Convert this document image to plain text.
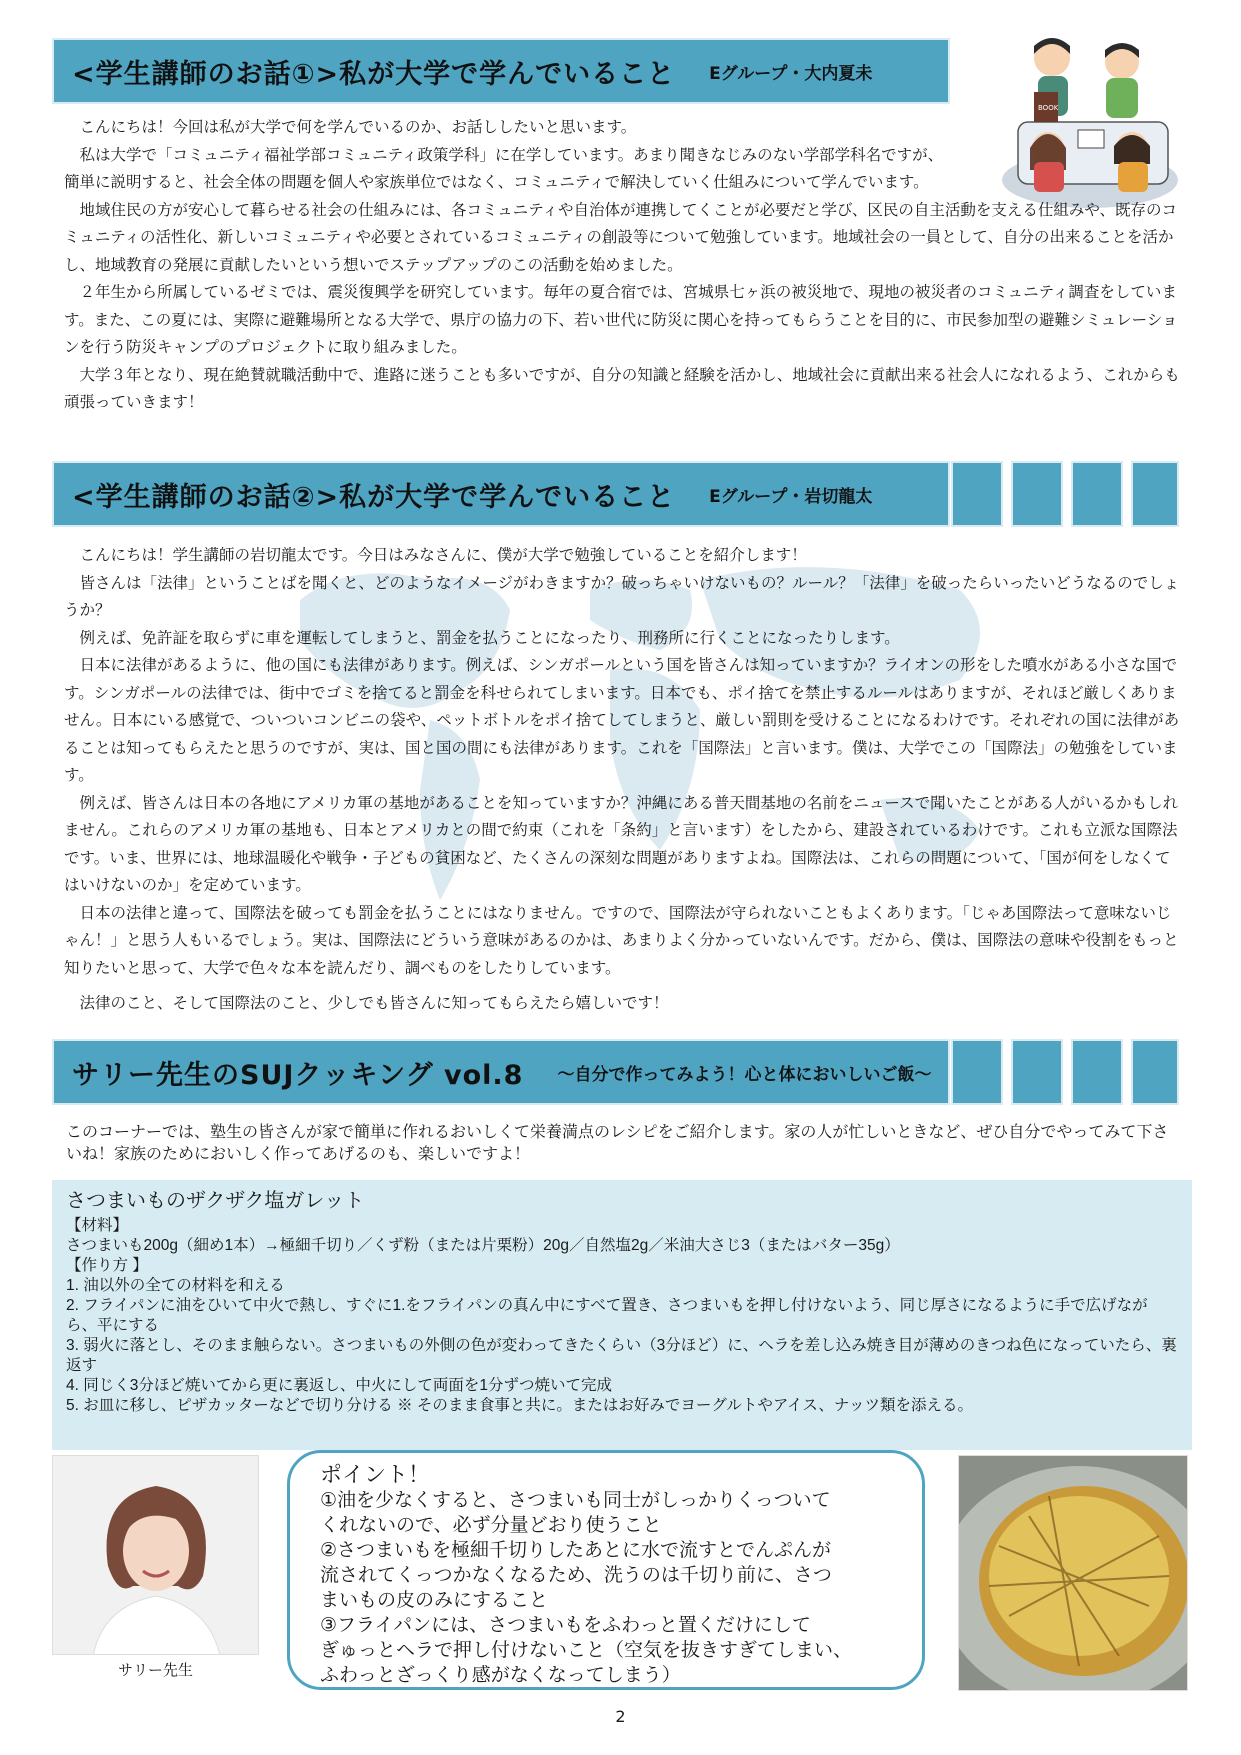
<学生講師のお話①>私が大学で学んでいること Eグループ・大内夏未
BOOK

こんにちは！今回は私が大学で何を学んでいるのか、お話ししたいと思います。

私は大学で「コミュニティ福祉学部コミュニティ政策学科」に在学しています。あまり聞きなじみのない学部学科名ですが、簡単に説明すると、社会全体の問題を個人や家族単位ではなく、コミュニティで解決していく仕組みについて学んでいます。

地域住民の方が安心して暮らせる社会の仕組みには、各コミュニティや自治体が連携してくことが必要だと学び、区民の自主活動を支える仕組みや、既存のコミュニティの活性化、新しいコミュニティや必要とされているコミュニティの創設等について勉強しています。地域社会の一員として、自分の出来ることを活かし、地域教育の発展に貢献したいという想いでステップアップのこの活動を始めました。

２年生から所属しているゼミでは、震災復興学を研究しています。毎年の夏合宿では、宮城県七ヶ浜の被災地で、現地の被災者のコミュニティ調査をしています。また、この夏には、実際に避難場所となる大学で、県庁の協力の下、若い世代に防災に関心を持ってもらうことを目的に、市民参加型の避難シミュレーションを行う防災キャンプのプロジェクトに取り組みました。

大学３年となり、現在絶賛就職活動中で、進路に迷うことも多いですが、自分の知識と経験を活かし、地域社会に貢献出来る社会人になれるよう、これからも頑張っていきます！

<学生講師のお話②>私が大学で学んでいること Eグループ・岩切龍太

こんにちは！学生講師の岩切龍太です。今日はみなさんに、僕が大学で勉強していることを紹介します！

皆さんは「法律」ということばを聞くと、どのようなイメージがわきますか？破っちゃいけないもの？ルール？「法律」を破ったらいったいどうなるのでしょうか？

例えば、免許証を取らずに車を運転してしまうと、罰金を払うことになったり、刑務所に行くことになったりします。

日本に法律があるように、他の国にも法律があります。例えば、シンガポールという国を皆さんは知っていますか？ライオンの形をした噴水がある小さな国です。シンガポールの法律では、街中でゴミを捨てると罰金を科せられてしまいます。日本でも、ポイ捨てを禁止するルールはありますが、それほど厳しくありません。日本にいる感覚で、ついついコンビニの袋や、ペットボトルをポイ捨てしてしまうと、厳しい罰則を受けることになるわけです。それぞれの国に法律があることは知ってもらえたと思うのですが、実は、国と国の間にも法律があります。これを「国際法」と言います。僕は、大学でこの「国際法」の勉強をしています。

例えば、皆さんは日本の各地にアメリカ軍の基地があることを知っていますか？沖縄にある普天間基地の名前をニュースで聞いたことがある人がいるかもしれません。これらのアメリカ軍の基地も、日本とアメリカとの間で約束（これを「条約」と言います）をしたから、建設されているわけです。これも立派な国際法です。いま、世界には、地球温暖化や戦争・子どもの貧困など、たくさんの深刻な問題がありますよね。国際法は、これらの問題について、「国が何をしなくてはいけないのか」を定めています。

日本の法律と違って、国際法を破っても罰金を払うことにはなりません。ですので、国際法が守られないこともよくあります。「じゃあ国際法って意味ないじゃん！」と思う人もいるでしょう。実は、国際法にどういう意味があるのかは、あまりよく分かっていないんです。だから、僕は、国際法の意味や役割をもっと知りたいと思って、大学で色々な本を読んだり、調べものをしたりしています。

法律のこと、そして国際法のこと、少しでも皆さんに知ってもらえたら嬉しいです！

サリー先生のSUJクッキング vol.8 ～自分で作ってみよう！心と体においしいご飯～
このコーナーでは、塾生の皆さんが家で簡単に作れるおいしくて栄養満点のレシピをご紹介します。家の人が忙しいときなど、ぜひ自分でやってみて下さいね！家族のためにおいしく作ってあげるのも、楽しいですよ！
さつまいものザクザク塩ガレット
【材料】
さつまいも200g（細め1本）→極細千切り／くず粉（または片栗粉）20g／自然塩2g／米油大さじ3（またはバター35g）
【作り方 】
1. 油以外の全ての材料を和える
2. フライパンに油をひいて中火で熱し、すぐに1.をフライパンの真ん中にすべて置き、さつまいもを押し付けないよう、同じ厚さになるように手で広げながら、平にする
3. 弱火に落とし、そのまま触らない。さつまいもの外側の色が変わってきたくらい（3分ほど）に、ヘラを差し込み焼き目が薄めのきつね色になっていたら、裏返す
4. 同じく3分ほど焼いてから更に裏返し、中火にして両面を1分ずつ焼いて完成
5. お皿に移し、ピザカッターなどで切り分ける ※ そのまま食事と共に。またはお好みでヨーグルトやアイス、ナッツ類を添える。
サリー先生
ポイント！
①油を少なくすると、さつまいも同士がしっかりくっついて
くれないので、必ず分量どおり使うこと
②さつまいもを極細千切りしたあとに水で流すとでんぷんが
流されてくっつかなくなるため、洗うのは千切り前に、さつ
まいもの皮のみにすること
③フライパンには、さつまいもをふわっと置くだけにして
ぎゅっとヘラで押し付けないこと（空気を抜きすぎてしまい、
ふわっとざっくり感がなくなってしまう）
2
